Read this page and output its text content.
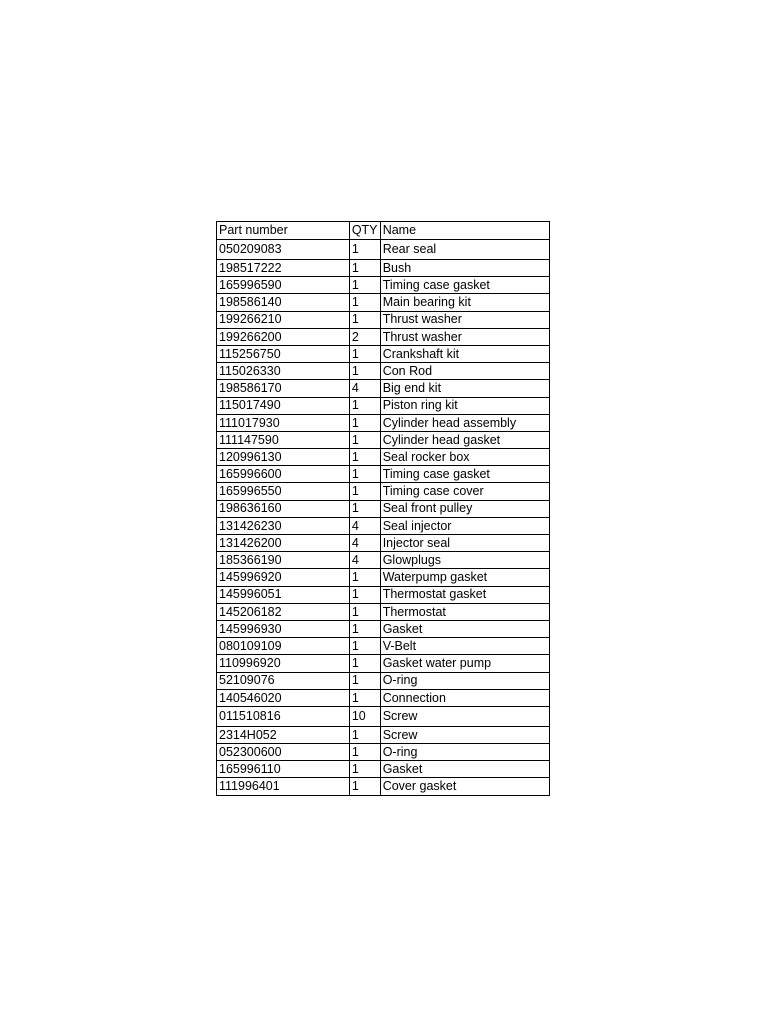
Part number	QTY	Name
050209083	1	Rear seal
198517222	1	Bush
165996590	1	Timing case gasket
198586140	1	Main bearing kit
199266210	1	Thrust washer
199266200	2	Thrust washer
115256750	1	Crankshaft kit
115026330	1	Con Rod
198586170	4	Big end kit
115017490	1	Piston ring kit
111017930	1	Cylinder head assembly
111147590	1	Cylinder head gasket
120996130	1	Seal rocker box
165996600	1	Timing case gasket
165996550	1	Timing case cover
198636160	1	Seal front pulley
131426230	4	Seal injector
131426200	4	Injector seal
185366190	4	Glowplugs
145996920	1	Waterpump gasket
145996051	1	Thermostat gasket
145206182	1	Thermostat
145996930	1	Gasket
080109109	1	V-Belt
110996920	1	Gasket water pump
52109076	1	O-ring
140546020	1	Connection
011510816	10	Screw
2314H052	1	Screw
052300600	1	O-ring
165996110	1	Gasket
111996401	1	Cover gasket
